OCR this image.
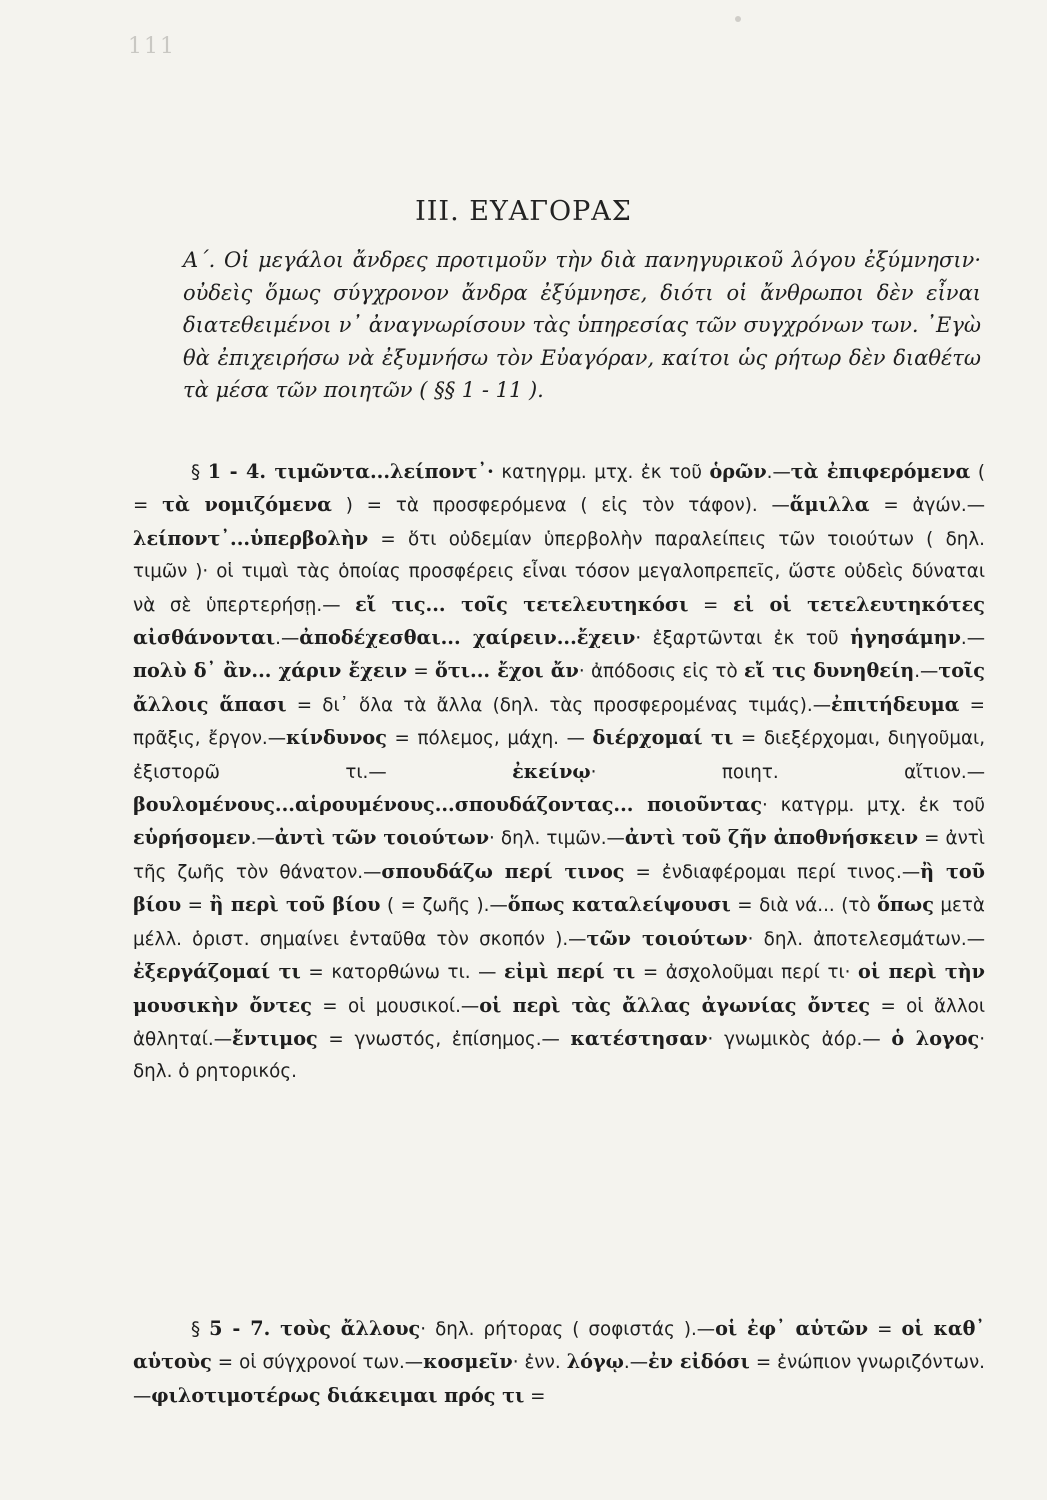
111
III. ΕΥΑΓΟΡΑΣ

Α΄. Οἱ μεγάλοι ἄνδρες προτιμοῦν τὴν διὰ πανηγυρικοῦ λόγου ἐξύμνησιν· οὐδεὶς ὅμως σύγχρονον ἄνδρα ἐξύμνησε, διότι οἱ ἄνθρωποι δὲν εἶναι διατεθειμένοι ν᾿ ἀναγνωρίσουν τὰς ὑπηρεσίας τῶν συγχρόνων των. ᾿Εγὼ θὰ ἐπιχειρήσω νὰ ἐξυμνήσω τὸν Εὐαγόραν, καίτοι ὡς ρήτωρ δὲν διαθέτω τὰ μέσα τῶν ποιητῶν ( §§ 1 - 11 ).

§ 1 - 4. τιμῶντα...λείποντ᾿· κατηγρμ. μτχ. ἐκ τοῦ ὁρῶν.—τὰ ἐπιφερόμενα ( = τὰ νομιζόμενα ) = τὰ προσφερόμενα ( εἰς τὸν τάφον). —ἅμιλλα = ἀγών.—λείποντ᾿...ὑπερβολὴν = ὅτι οὐδεμίαν ὑπερβολὴν παραλείπεις τῶν τοιούτων ( δηλ. τιμῶν )· οἱ τιμαὶ τὰς ὁποίας προσφέρεις εἶναι τόσον μεγαλοπρεπεῖς, ὥστε οὐδεὶς δύναται νὰ σὲ ὑπερτερήσῃ.— εἴ τις... τοῖς τετελευτηκόσι = εἰ οἱ τετελευτηκότες αἰσθάνονται.—ἀποδέχεσθαι... χαίρειν...ἔχειν· ἐξαρτῶνται ἐκ τοῦ ἡγησάμην.—πολὺ δ᾿ ἂν... χάριν ἔχειν = ὅτι... ἔχοι ἄν· ἀπόδοσις εἰς τὸ εἴ τις δυνηθείη.—τοῖς ἄλλοις ἅπασι = δι᾿ ὅλα τὰ ἄλλα (δηλ. τὰς προσφερομένας τιμάς).—ἐπιτήδευμα = πρᾶξις, ἔργον.—κίνδυνος = πόλεμος, μάχη. — διέρχομαί τι = διεξέρχομαι, διηγοῦμαι, ἐξιστορῶ τι.— ἐκείνῳ· ποιητ. αἴτιον.—βουλομένους...αἱρουμένους...σπουδάζοντας... ποιοῦντας· κατγρμ. μτχ. ἐκ τοῦ εὑρήσομεν.—ἀντὶ τῶν τοιούτων· δηλ. τιμῶν.—ἀντὶ τοῦ ζῆν ἀποθνήσκειν = ἀντὶ τῆς ζωῆς τὸν θάνατον.—σπουδάζω περί τινος = ἐνδιαφέρομαι περί τινος.—ἢ τοῦ βίου = ἢ περὶ τοῦ βίου ( = ζωῆς ).—ὅπως καταλείψουσι = διὰ νά... (τὸ ὅπως μετὰ μέλλ. ὁριστ. σημαίνει ἐνταῦθα τὸν σκοπόν ).—τῶν τοιούτων· δηλ. ἀποτελεσμάτων.—ἐξεργάζομαί τι = κατορθώνω τι. — εἰμὶ περί τι = ἀσχολοῦμαι περί τι· οἱ περὶ τὴν μουσικὴν ὄντες = οἱ μουσικοί.—οἱ περὶ τὰς ἄλλας ἀγωνίας ὄντες = οἱ ἄλλοι ἀθληταί.—ἔντιμος = γνωστός, ἐπίσημος.— κατέστησαν· γνωμικὸς ἀόρ.— ὁ λογος· δηλ. ὁ ρητορικός.

§ 5 - 7. τοὺς ἄλλους· δηλ. ρήτορας ( σοφιστάς ).—οἱ ἐφ᾿ αὑτῶν = οἱ καθ᾿ αὑτοὺς = οἱ σύγχρονοί των.—κοσμεῖν· ἐνν. λόγῳ.—ἐν εἰδόσι = ἐνώπιον γνωριζόντων.—φιλοτιμοτέρως διάκειμαι πρός τι =
